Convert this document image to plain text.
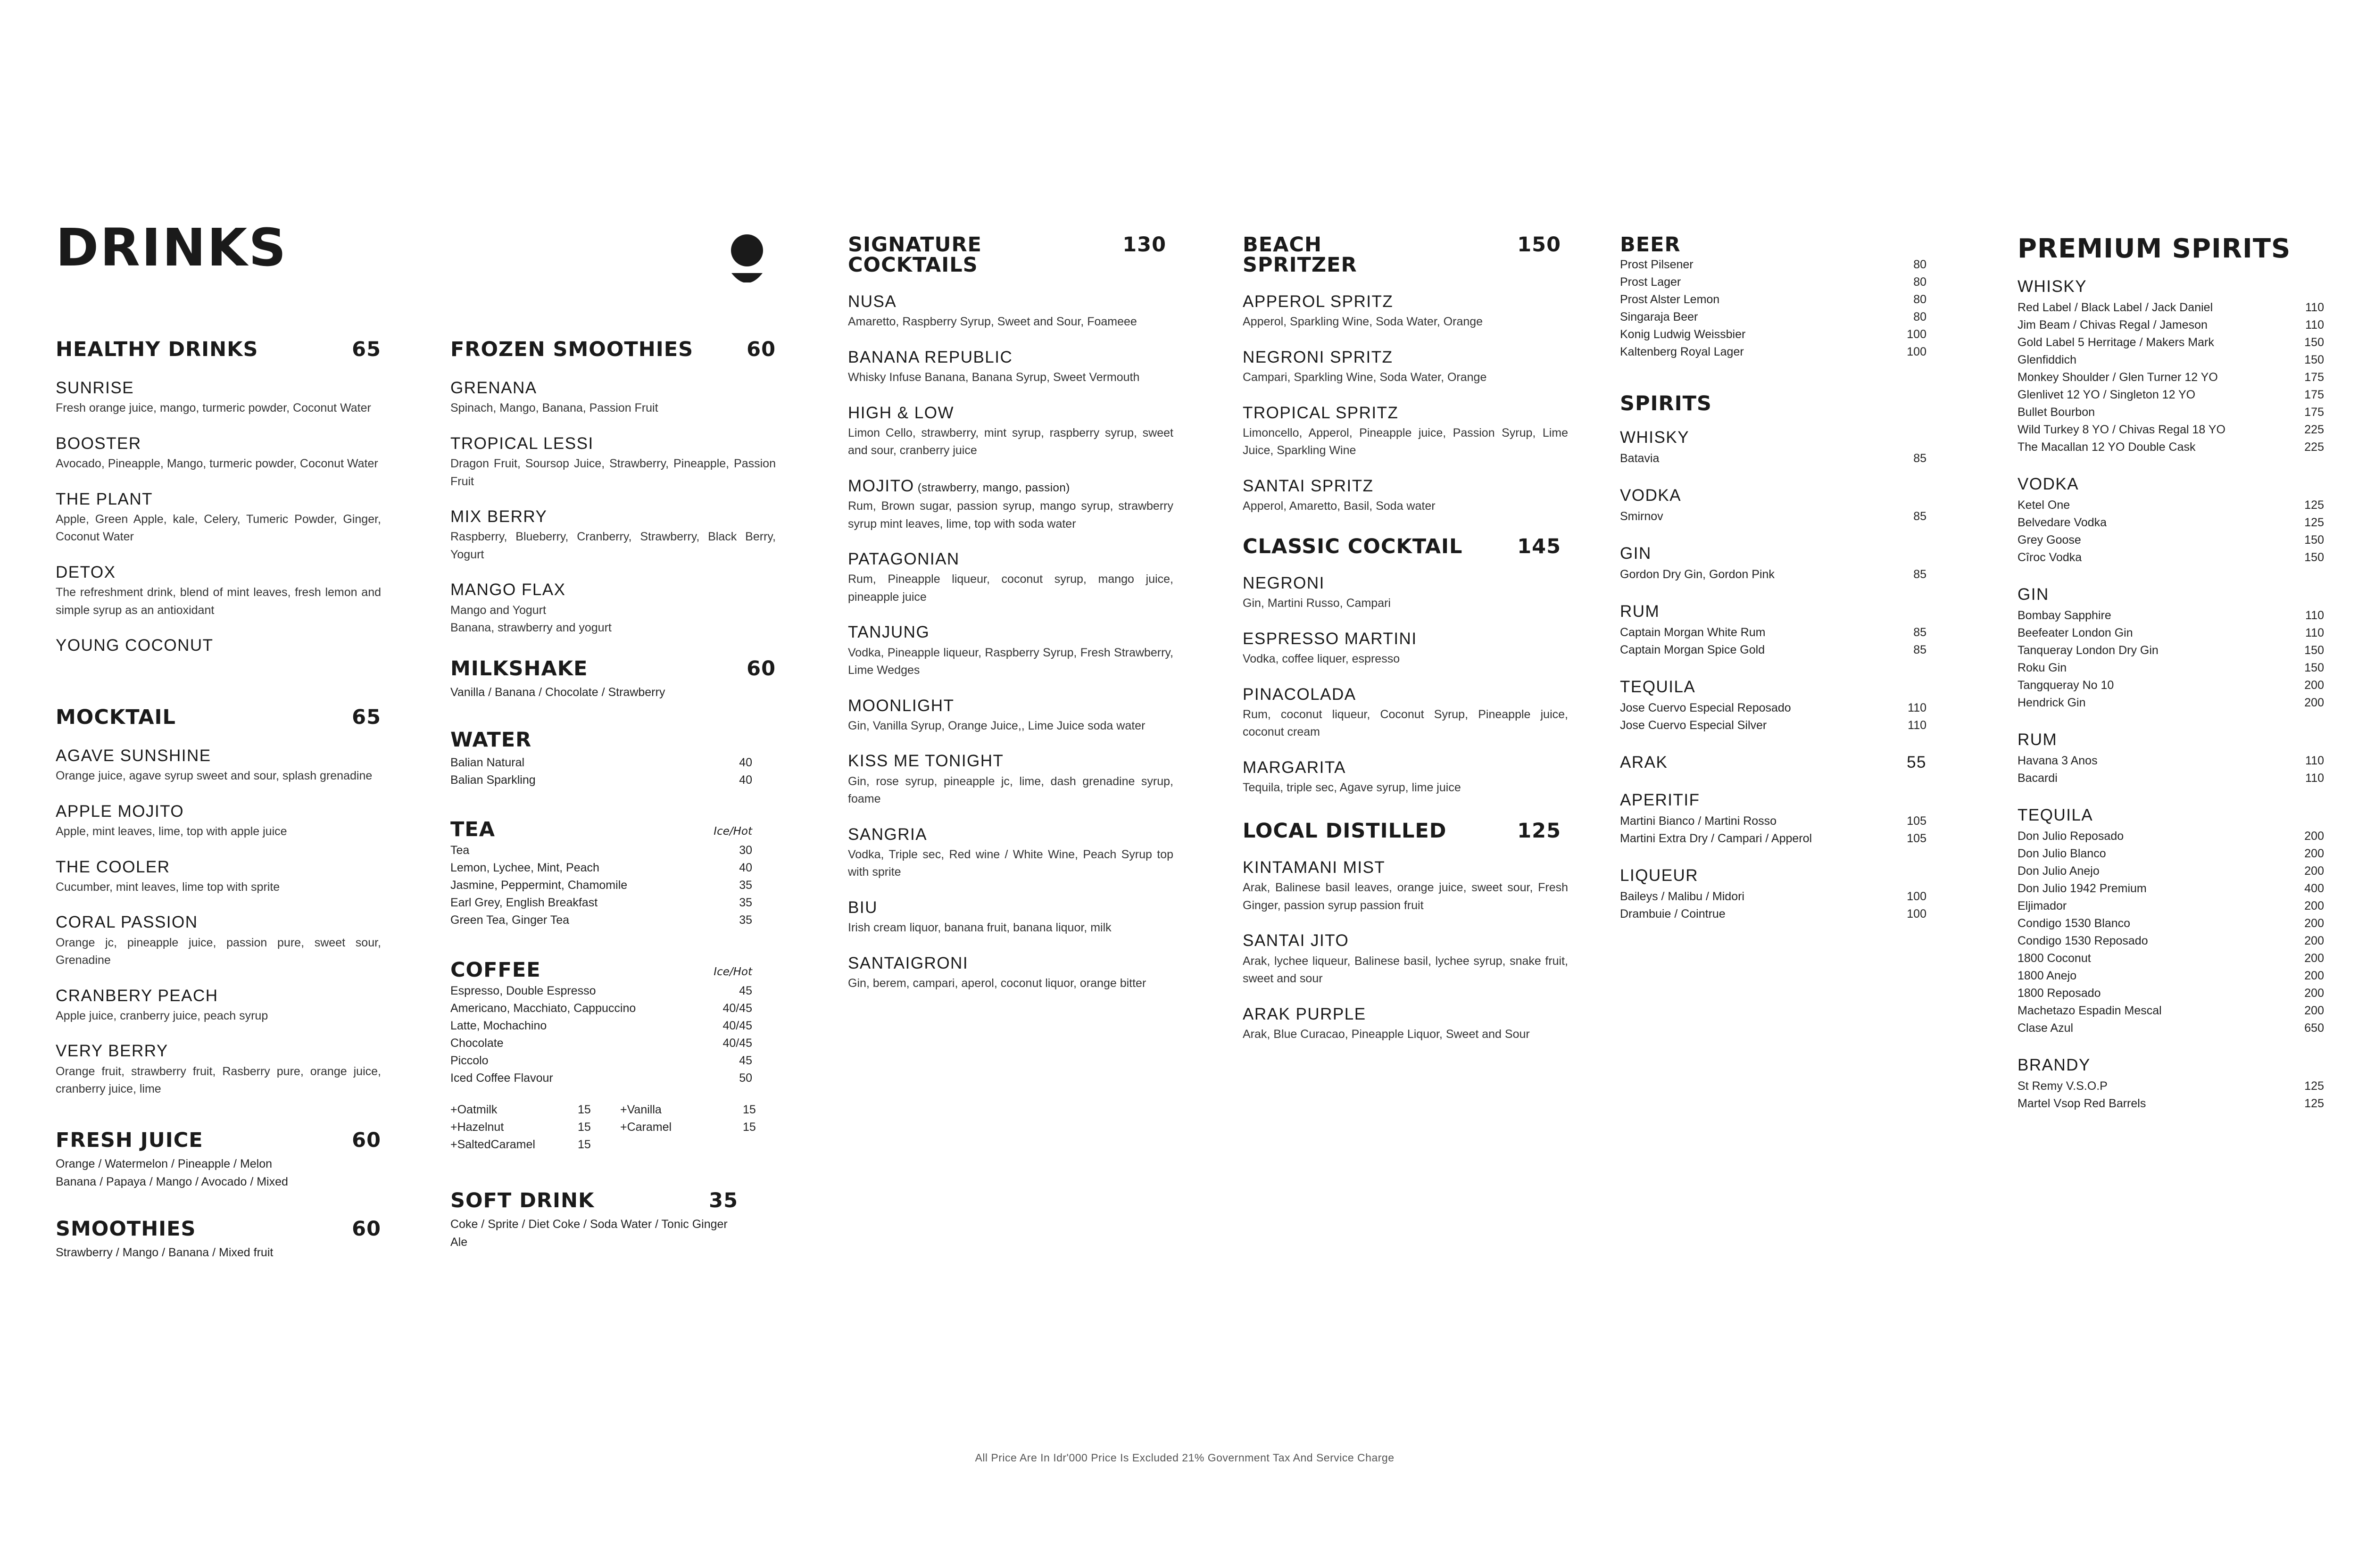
DRINKS
HEALTHY DRINKS	65
SUNRISE
Fresh orange juice, mango, turmeric powder, Coconut Water
BOOSTER
Avocado, Pineapple, Mango, turmeric powder, Coconut Water
THE PLANT
Apple, Green Apple, kale, Celery, Tumeric Powder, Ginger, Coconut Water
DETOX
The refreshment drink, blend of mint leaves, fresh lemon and simple syrup as an antioxidant
YOUNG COCONUT
MOCKTAIL	65
AGAVE SUNSHINE
Orange juice, agave syrup sweet and sour, splash grenadine
APPLE MOJITO
Apple, mint leaves, lime, top with apple juice
THE COOLER
Cucumber, mint leaves, lime top with sprite
CORAL PASSION
Orange jc, pineapple juice, passion pure, sweet sour, Grenadine
CRANBERY PEACH
Apple juice, cranberry juice, peach syrup
VERY BERRY
Orange fruit, strawberry fruit, Rasberry pure, orange juice, cranberry juice, lime
FRESH JUICE	60
Orange / Watermelon / Pineapple / Melon
Banana / Papaya / Mango / Avocado / Mixed
SMOOTHIES	60
Strawberry / Mango / Banana / Mixed fruit
FROZEN SMOOTHIES	60
GRENANA
Spinach, Mango, Banana, Passion Fruit
TROPICAL LESSI
Dragon Fruit, Soursop Juice, Strawberry, Pineapple, Passion Fruit
MIX BERRY
Raspberry, Blueberry, Cranberry, Strawberry, Black Berry, Yogurt
MANGO FLAX
Mango and Yogurt
Banana, strawberry and yogurt
MILKSHAKE	60
Vanilla / Banana / Chocolate / Strawberry
WATER
Balian Natural	40
Balian Sparkling	40
TEA	Ice/Hot
Tea	30
Lemon, Lychee, Mint, Peach	40
Jasmine, Peppermint, Chamomile	35
Earl Grey, English Breakfast	35
Green Tea, Ginger Tea	35
COFFEE	Ice/Hot
Espresso, Double Espresso	45
Americano, Macchiato, Cappuccino	40/45
Latte, Mochachino	40/45
Chocolate	40/45
Piccolo	45
Iced Coffee Flavour	50
+Oatmilk	15	+Vanilla	15
+Hazelnut	15	+Caramel	15
+SaltedCaramel	15
SOFT DRINK	35
Coke / Sprite / Diet Coke / Soda Water / Tonic Ginger Ale
SIGNATURE
COCKTAILS
130
NUSA
Amaretto, Raspberry Syrup, Sweet and Sour, Foameee
BANANA REPUBLIC
Whisky Infuse Banana, Banana Syrup, Sweet Vermouth
HIGH & LOW
Limon Cello, strawberry, mint syrup, raspberry syrup, sweet and sour, cranberry juice
MOJITO (strawberry, mango, passion)
Rum, Brown sugar, passion syrup, mango syrup, strawberry syrup mint leaves, lime, top with soda water
PATAGONIAN
Rum, Pineapple liqueur, coconut syrup, mango juice, pineapple juice
TANJUNG
Vodka, Pineapple liqueur, Raspberry Syrup, Fresh Strawberry, Lime Wedges
MOONLIGHT
Gin, Vanilla Syrup, Orange Juice,, Lime Juice soda water
KISS ME TONIGHT
Gin, rose syrup, pineapple jc, lime, dash grenadine syrup, foame
SANGRIA
Vodka, Triple sec, Red wine / White Wine, Peach Syrup top with sprite
BIU
Irish cream liquor, banana fruit, banana liquor, milk
SANTAIGRONI
Gin, berem, campari, aperol, coconut liquor, orange bitter
BEACH
SPRITZER
150
APPEROL SPRITZ
Apperol, Sparkling Wine, Soda Water, Orange
NEGRONI SPRITZ
Campari, Sparkling Wine, Soda Water, Orange
TROPICAL SPRITZ
Limoncello, Apperol, Pineapple juice, Passion Syrup, Lime Juice, Sparkling Wine
SANTAI SPRITZ
Apperol, Amaretto, Basil, Soda water
CLASSIC COCKTAIL	145
NEGRONI
Gin, Martini Russo, Campari
ESPRESSO MARTINI
Vodka, coffee liquer, espresso
PINACOLADA
Rum, coconut liqueur, Coconut Syrup, Pineapple juice, coconut cream
MARGARITA
Tequila, triple sec, Agave syrup, lime juice
LOCAL DISTILLED	125
KINTAMANI MIST
Arak, Balinese basil leaves, orange juice, sweet sour, Fresh Ginger, passion syrup passion fruit
SANTAI JITO
Arak, lychee liqueur, Balinese basil, lychee syrup, snake fruit, sweet and sour
ARAK PURPLE
Arak, Blue Curacao, Pineapple Liquor, Sweet and Sour
BEER
Prost Pilsener	80
Prost Lager	80
Prost Alster Lemon	80
Singaraja Beer	80
Konig Ludwig Weissbier	100
Kaltenberg Royal Lager	100
SPIRITS
WHISKY
Batavia	85
VODKA
Smirnov	85
GIN
Gordon Dry Gin, Gordon Pink	85
RUM
Captain Morgan White Rum	85
Captain Morgan Spice Gold	85
TEQUILA
Jose Cuervo Especial Reposado	110
Jose Cuervo Especial Silver	110
ARAK	55
APERITIF
Martini Bianco / Martini Rosso	105
Martini Extra Dry / Campari / Apperol	105
LIQUEUR
Baileys / Malibu / Midori	100
Drambuie / Cointrue	100
PREMIUM SPIRITS
WHISKY
Red Label / Black Label / Jack Daniel	110
Jim Beam / Chivas Regal / Jameson	110
Gold Label 5 Herritage / Makers Mark	150
Glenfiddich	150
Monkey Shoulder / Glen Turner 12 YO	175
Glenlivet 12 YO / Singleton 12 YO	175
Bullet Bourbon	175
Wild Turkey 8 YO / Chivas Regal 18 YO	225
The Macallan 12 YO Double Cask	225
VODKA
Ketel One	125
Belvedare Vodka	125
Grey Goose	150
Cîroc Vodka	150
GIN
Bombay Sapphire	110
Beefeater London Gin	110
Tanqueray London Dry Gin	150
Roku Gin	150
Tangqueray No 10	200
Hendrick Gin	200
RUM
Havana 3 Anos	110
Bacardi	110
TEQUILA
Don Julio Reposado	200
Don Julio Blanco	200
Don Julio Anejo	200
Don Julio 1942 Premium	400
Eljimador	200
Condigo 1530 Blanco	200
Condigo 1530 Reposado	200
1800 Coconut	200
1800 Anejo	200
1800 Reposado	200
Machetazo Espadin Mescal	200
Clase Azul	650
BRANDY
St Remy V.S.O.P	125
Martel Vsop Red Barrels	125
All Price Are In Idr'000 Price Is Excluded 21% Government Tax And Service Charge
